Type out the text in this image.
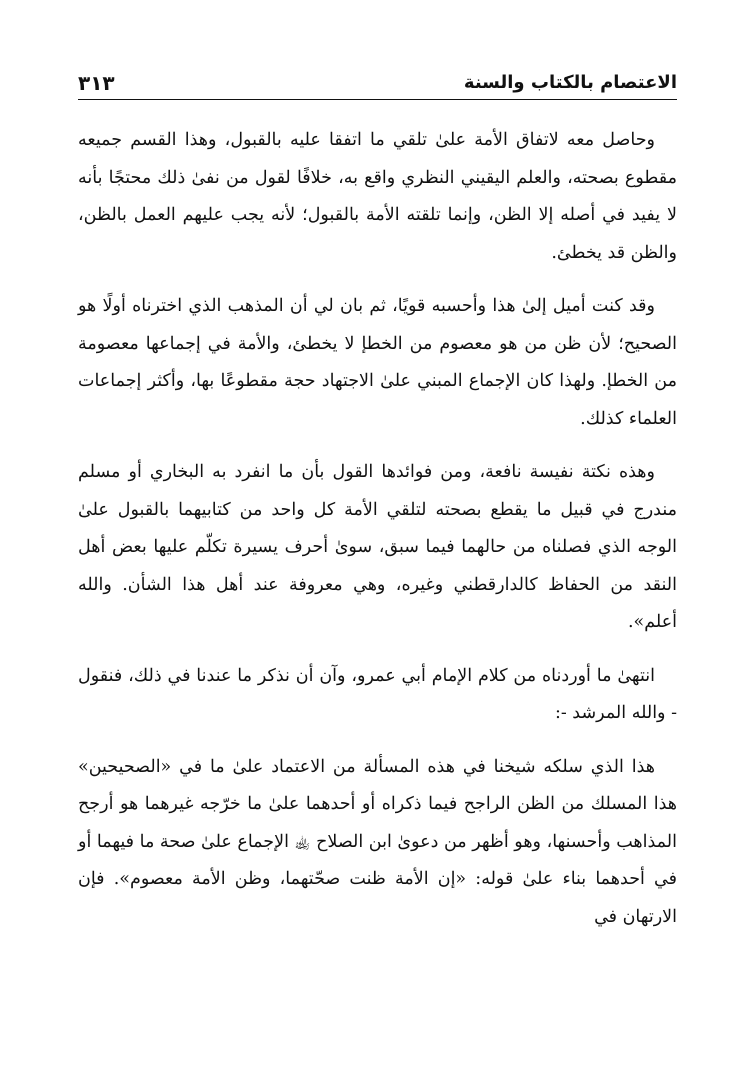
الاعتصام بالكتاب والسنة
٣١٣

وحاصل معه لاتفاق الأمة علىٰ تلقي ما اتفقا عليه بالقبول، وهذا القسم جميعه مقطوع بصحته، والعلم اليقيني النظري واقع به، خلافًا لقول من نفىٰ ذلك محتجًا بأنه لا يفيد في أصله إلا الظن، وإنما تلقته الأمة بالقبول؛ لأنه يجب عليهم العمل بالظن، والظن قد يخطئ.

وقد كنت أميل إلىٰ هذا وأحسبه قويًا، ثم بان لي أن المذهب الذي اخترناه أولًا هو الصحيح؛ لأن ظن من هو معصوم من الخطإ لا يخطئ، والأمة في إجماعها معصومة من الخطإ. ولهذا كان الإجماع المبني علىٰ الاجتهاد حجة مقطوعًا بها، وأكثر إجماعات العلماء كذلك.

وهذه نكتة نفيسة نافعة، ومن فوائدها القول بأن ما انفرد به البخاري أو مسلم مندرج في قبيل ما يقطع بصحته لتلقي الأمة كل واحد من كتابيهما بالقبول علىٰ الوجه الذي فصلناه من حالهما فيما سبق، سوىٰ أحرف يسيرة تكلّم عليها بعض أهل النقد من الحفاظ كالدارقطني وغيره، وهي معروفة عند أهل هذا الشأن. والله أعلم».

انتهىٰ ما أوردناه من كلام الإمام أبي عمرو، وآن أن نذكر ما عندنا في ذلك، فنقول - والله المرشد -:

هذا الذي سلكه شيخنا في هذه المسألة من الاعتماد علىٰ ما في «الصحيحين» هذا المسلك من الظن الراجح فيما ذكراه أو أحدهما علىٰ ما خرّجه غيرهما هو أرجح المذاهب وأحسنها، وهو أظهر من دعوىٰ ابن الصلاح ﵀ الإجماع علىٰ صحة ما فيهما أو في أحدهما بناء علىٰ قوله: «إن الأمة ظنت صحّتهما، وظن الأمة معصوم». فإن الارتهان في
